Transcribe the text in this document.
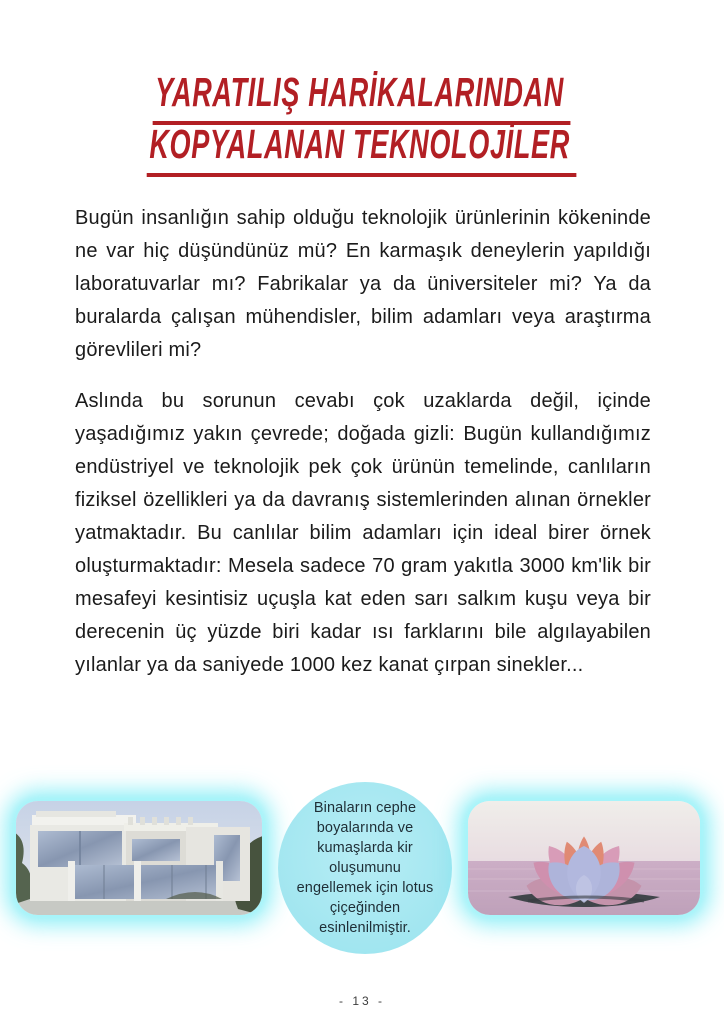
YARATILIŞ HARİKALARINDAN
KOPYALANAN TEKNOLOJİLER

Bugün insanlığın sahip olduğu teknolojik ürünlerinin kökeninde ne var hiç düşündünüz mü? En karmaşık deneylerin yapıldığı laboratuvarlar mı? Fabrikalar ya da üniversiteler mi? Ya da buralarda çalışan mühendisler, bilim adamları veya araştırma görevlileri mi?

Aslında bu sorunun cevabı çok uzaklarda değil, içinde yaşadığımız yakın çevrede; doğada gizli: Bugün kullandığımız endüstriyel ve teknolojik pek çok ürünün temelinde, canlıların fiziksel özellikleri ya da davranış sistemlerinden alınan örnekler yatmaktadır. Bu canlılar bilim adamları için ideal birer örnek oluşturmaktadır: Mesela sadece 70 gram yakıtla 3000 km'lik bir mesafeyi kesintisiz uçuşla kat eden sarı salkım kuşu veya bir derecenin üç yüzde biri kadar ısı farklarını bile algılayabilen yılanlar ya da saniyede 1000 kez kanat çırpan sinekler...

Binaların cephe boyalarında ve kumaşlarda kir oluşumunu engellemek için lotus çiçeğinden esinlenilmiştir.
- 13 -
